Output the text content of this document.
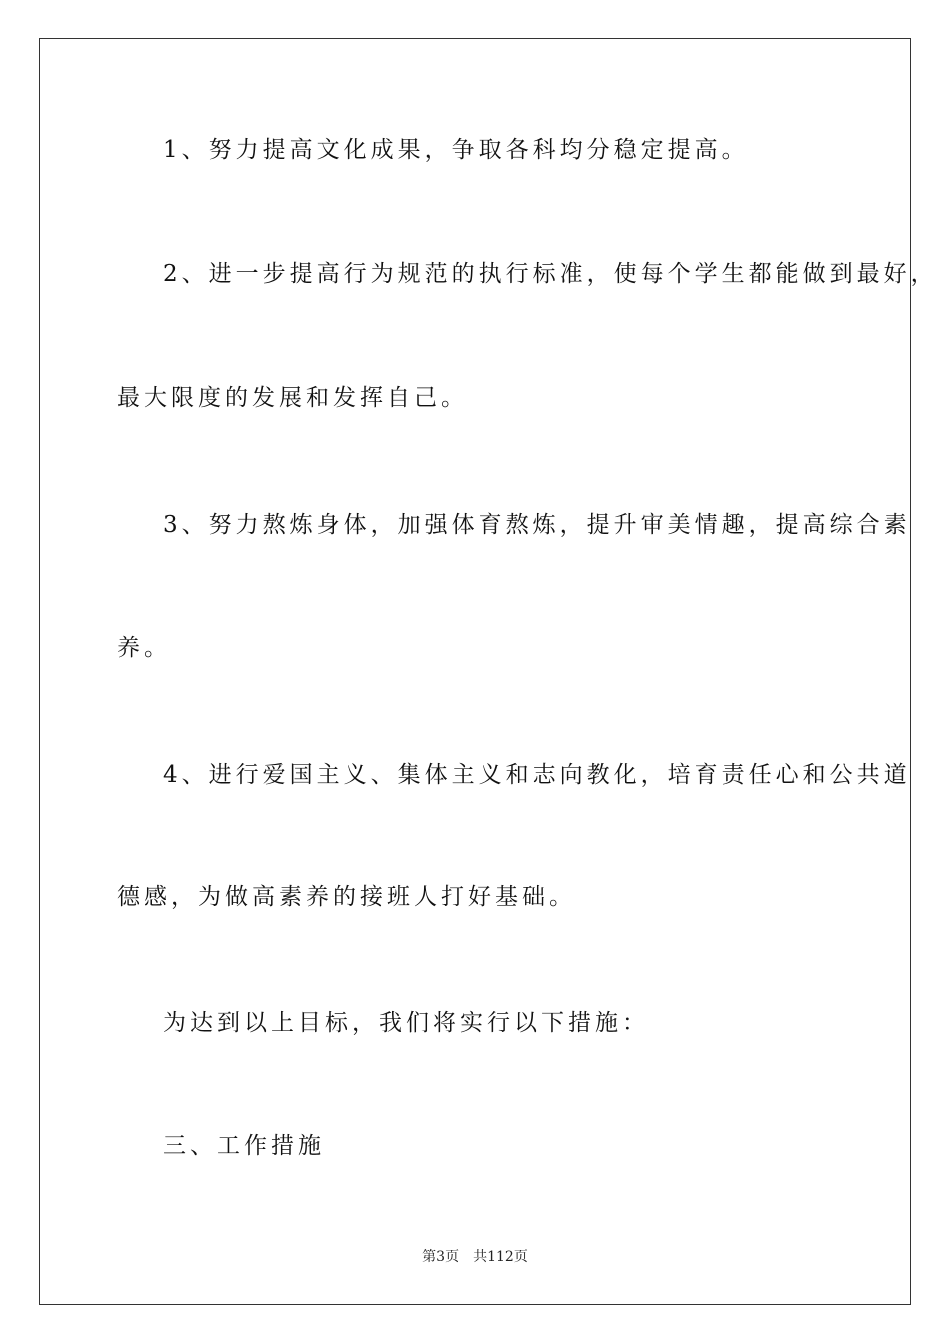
1、努力提高文化成果，争取各科均分稳定提高。
2、进一步提高行为规范的执行标准，使每个学生都能做到最好，
最大限度的发展和发挥自己。
3、努力熬炼身体，加强体育熬炼，提升审美情趣，提高综合素
养。
4、进行爱国主义、集体主义和志向教化，培育责任心和公共道
德感，为做高素养的接班人打好基础。
为达到以上目标，我们将实行以下措施：
三、工作措施
第3页 共112页
